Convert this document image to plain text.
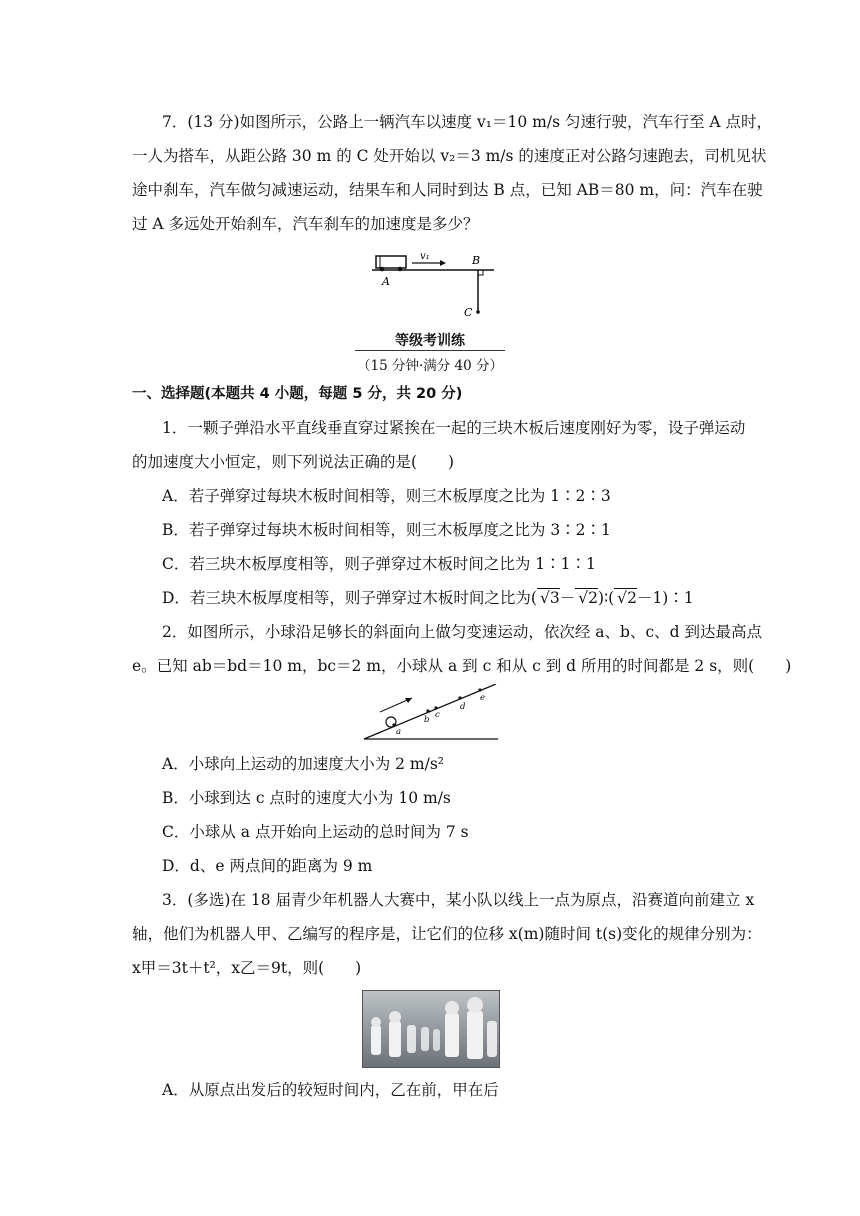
7．(13 分)如图所示，公路上一辆汽车以速度 v₁＝10 m/s 匀速行驶，汽车行至 A 点时，
一人为搭车，从距公路 30 m 的 C 处开始以 v₂＝3 m/s 的速度正对公路匀速跑去，司机见状
途中刹车，汽车做匀减速运动，结果车和人同时到达 B 点，已知 AB＝80 m，问：汽车在驶
过 A 多远处开始刹车，汽车刹车的加速度是多少？
v₁
A
B
C
等级考训练
（15 分钟·满分 40 分）
一、选择题(本题共 4 小题，每题 5 分，共 20 分)
1．一颗子弹沿水平直线垂直穿过紧挨在一起的三块木板后速度刚好为零，设子弹运动
的加速度大小恒定，则下列说法正确的是(　　)
A．若子弹穿过每块木板时间相等，则三木板厚度之比为 1∶2∶3
B．若子弹穿过每块木板时间相等，则三木板厚度之比为 3∶2∶1
C．若三块木板厚度相等，则子弹穿过木板时间之比为 1∶1∶1
D．若三块木板厚度相等，则子弹穿过木板时间之比为( √3－ √2)∶( √2－1)∶1
2．如图所示，小球沿足够长的斜面向上做匀变速运动，依次经 a、b、c、d 到达最高点
e。已知 ab＝bd＝10 m，bc＝2 m，小球从 a 到 c 和从 c 到 d 所用的时间都是 2 s，则(　　)
a
b c
d
e
A．小球向上运动的加速度大小为 2 m/s²
B．小球到达 c 点时的速度大小为 10 m/s
C．小球从 a 点开始向上运动的总时间为 7 s
D．d、e 两点间的距离为 9 m
3．(多选)在 18 届青少年机器人大赛中，某小队以线上一点为原点，沿赛道向前建立 x
轴，他们为机器人甲、乙编写的程序是，让它们的位移 x(m)随时间 t(s)变化的规律分别为：
x甲＝3t＋t²，x乙＝9t，则(　　)
A．从原点出发后的较短时间内，乙在前，甲在后
